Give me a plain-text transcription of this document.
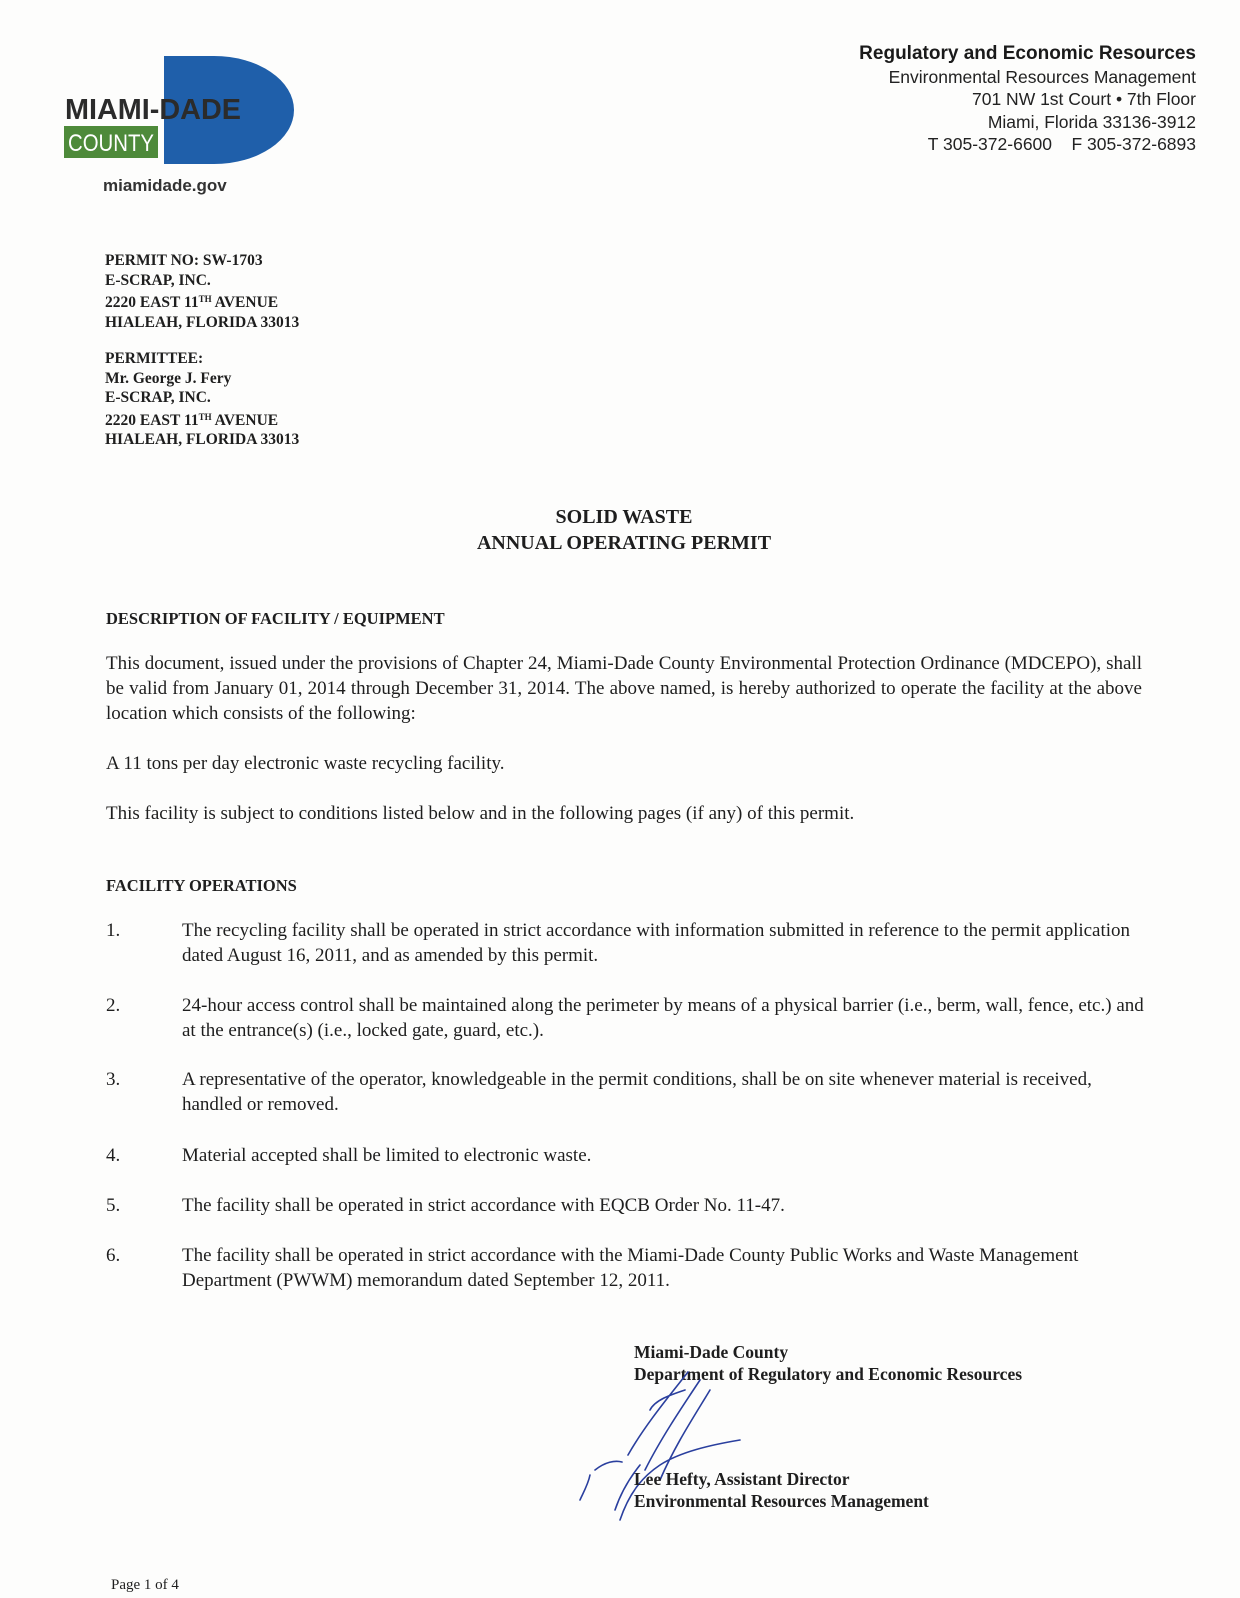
MIAMI-DADE
COUNTY
miamidade.gov
Regulatory and Economic Resources
Environmental Resources Management
701 NW 1st Court • 7th Floor
Miami, Florida 33136-3912
T 305-372-6600    F 305-372-6893
PERMIT NO: SW-1703
E-SCRAP, INC.
2220 EAST 11TH AVENUE
HIALEAH, FLORIDA 33013
PERMITTEE:
Mr. George J. Fery
E-SCRAP, INC.
2220 EAST 11TH AVENUE
HIALEAH, FLORIDA 33013
SOLID WASTE
ANNUAL OPERATING PERMIT
DESCRIPTION OF FACILITY / EQUIPMENT
This document, issued under the provisions of Chapter 24, Miami-Dade County Environmental Protection Ordinance (MDCEPO), shall be valid from January 01, 2014 through December 31, 2014. The above named, is hereby authorized to operate the facility at the above location which consists of the following:
A 11 tons per day electronic waste recycling facility.
This facility is subject to conditions listed below and in the following pages (if any) of this permit.
FACILITY OPERATIONS
1.	The recycling facility shall be operated in strict accordance with information submitted in reference to the permit application dated August 16, 2011, and as amended by this permit.
2.	24-hour access control shall be maintained along the perimeter by means of a physical barrier (i.e., berm, wall, fence, etc.) and at the entrance(s) (i.e., locked gate, guard, etc.).
3.	A representative of the operator, knowledgeable in the permit conditions, shall be on site whenever material is received, handled or removed.
4.	Material accepted shall be limited to electronic waste.
5.	The facility shall be operated in strict accordance with EQCB Order No. 11-47.
6.	The facility shall be operated in strict accordance with the Miami-Dade County Public Works and Waste Management Department (PWWM) memorandum dated September 12, 2011.
Miami-Dade County
Department of Regulatory and Economic Resources
Lee Hefty, Assistant Director
Environmental Resources Management
Page 1 of 4
